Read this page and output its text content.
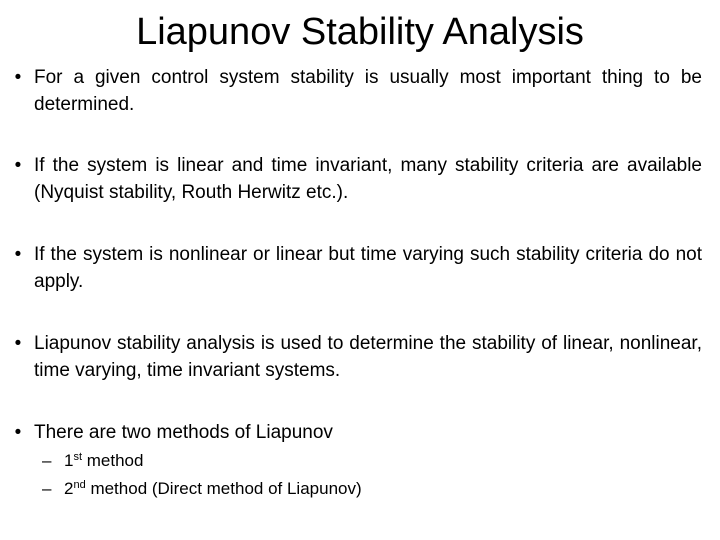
Liapunov Stability Analysis
• For a given control system stability is usually most important thing to be determined.
• If the system is linear and time invariant, many stability criteria are available (Nyquist stability, Routh Herwitz etc.).
• If the system is nonlinear or linear but time varying such stability criteria do not apply.
• Liapunov stability analysis is used to determine the stability of linear, nonlinear, time varying, time invariant systems.
• There are two methods of Liapunov
– 1st method
– 2nd method (Direct method of Liapunov)
